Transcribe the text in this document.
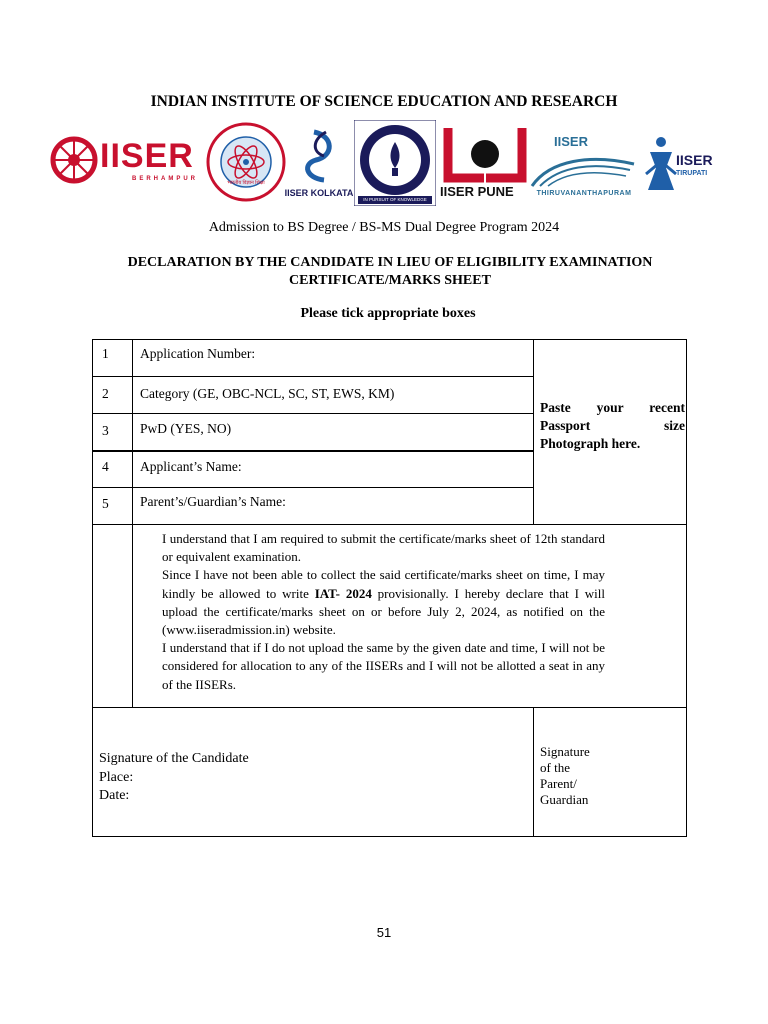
INDIAN INSTITUTE OF SCIENCE EDUCATION AND RESEARCH
IISER
BERHAMPUR
भारतीय विज्ञान शिक्षा
IISER KOLKATA
IN PURSUIT OF KNOWLEDGE
IISER PUNE
IISER
THIRUVANANTHAPURAM
IISER
TIRUPATI
Admission to BS Degree / BS-MS Dual Degree Program 2024
DECLARATION BY THE CANDIDATE IN LIEU OF ELIGIBILITY EXAMINATION
CERTIFICATE/MARKS SHEET
Please tick appropriate boxes
1 Application Number:
2 Category (GE, OBC-NCL, SC, ST, EWS, KM)
3 PwD (YES, NO)
4 Applicant’s Name:
5 Parent’s/Guardian’s Name:
Paste your recent
Passport size
Photograph here.

I understand that I am required to submit the certificate/marks sheet of 12th standard or equivalent examination.

Since I have not been able to collect the said certificate/marks sheet on time, I may kindly be allowed to write IAT- 2024 provisionally. I hereby declare that I will upload the certificate/marks sheet on or before July 2, 2024, as notified on the (www.iiseradmission.in) website.

I understand that if I do not upload the same by the given date and time, I will not be considered for allocation to any of the IISERs and I will not be allotted a seat in any of the IISERs.

Signature of the Candidate
Place:
Date:
Signature
of the
Parent/
Guardian
51
